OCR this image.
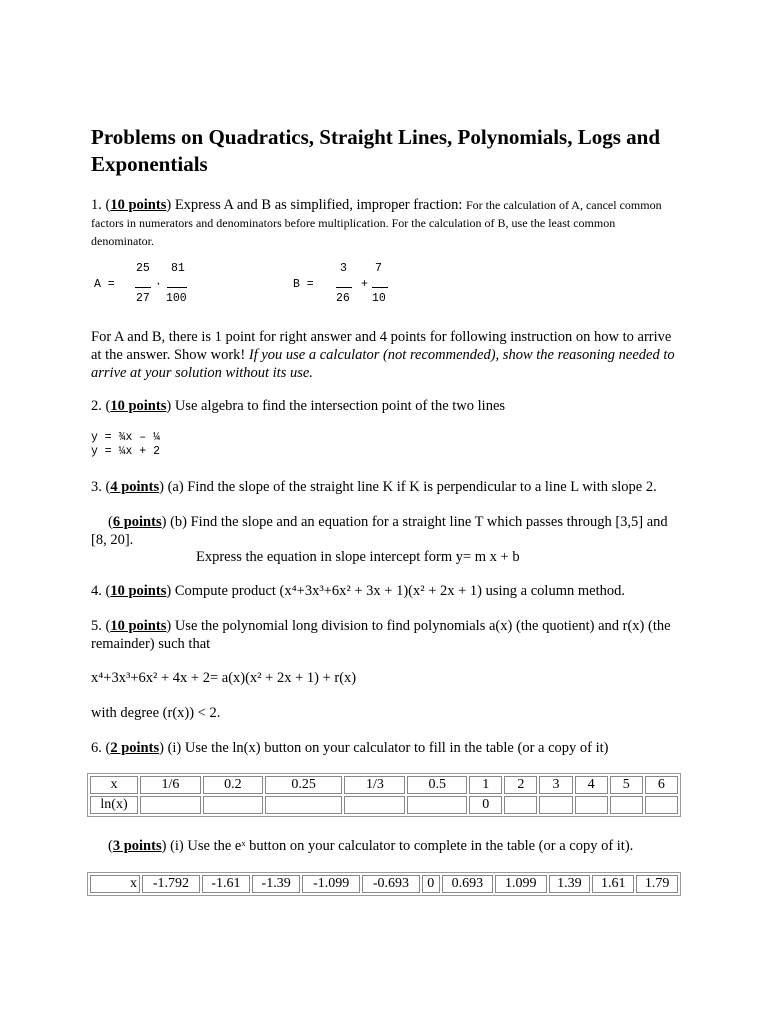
Problems on Quadratics, Straight Lines, Polynomials, Logs and Exponentials
1. (10 points) Express A and B as simplified, improper fraction: For the calculation of A, cancel common factors in numerators and denominators before multiplication. For the calculation of B, use the least common denominator.
25 81
A =	·
27 100
3 7
B =	+
26 10
For A and B, there is 1 point for right answer and 4 points for following instruction on how to arrive at the answer. Show work! If you use a calculator (not recommended), show the reasoning needed to arrive at your solution without its use.
2. (10 points) Use algebra to find the intersection point of the two lines
y = ¾x – ¼
y = ¼x + 2
3. (4 points) (a) Find the slope of the straight line K if K is perpendicular to a line L with slope 2.
(6 points) (b) Find the slope and an equation for a straight line T which passes through [3,5] and [8, 20].
Express the equation in slope intercept form y= m x + b
4. (10 points) Compute product (x⁴+3x³+6x² + 3x + 1)(x² + 2x + 1) using a column method.
5. (10 points) Use the polynomial long division to find polynomials a(x) (the quotient) and r(x) (the remainder) such that
x⁴+3x³+6x² + 4x + 2= a(x)(x² + 2x + 1) + r(x)
with degree (r(x)) < 2.
6. (2 points) (i) Use the ln(x) button on your calculator to fill in the table (or a copy of it)
x	1/6	0.2	0.25	1/3	0.5	1	2	3	4	5	6
ln(x)						0					
(3 points) (i) Use the eˣ button on your calculator to complete in the table (or a copy of it).
x	-1.792	-1.61	-1.39	-1.099	-0.693	0	0.693	1.099	1.39	1.61	1.79
